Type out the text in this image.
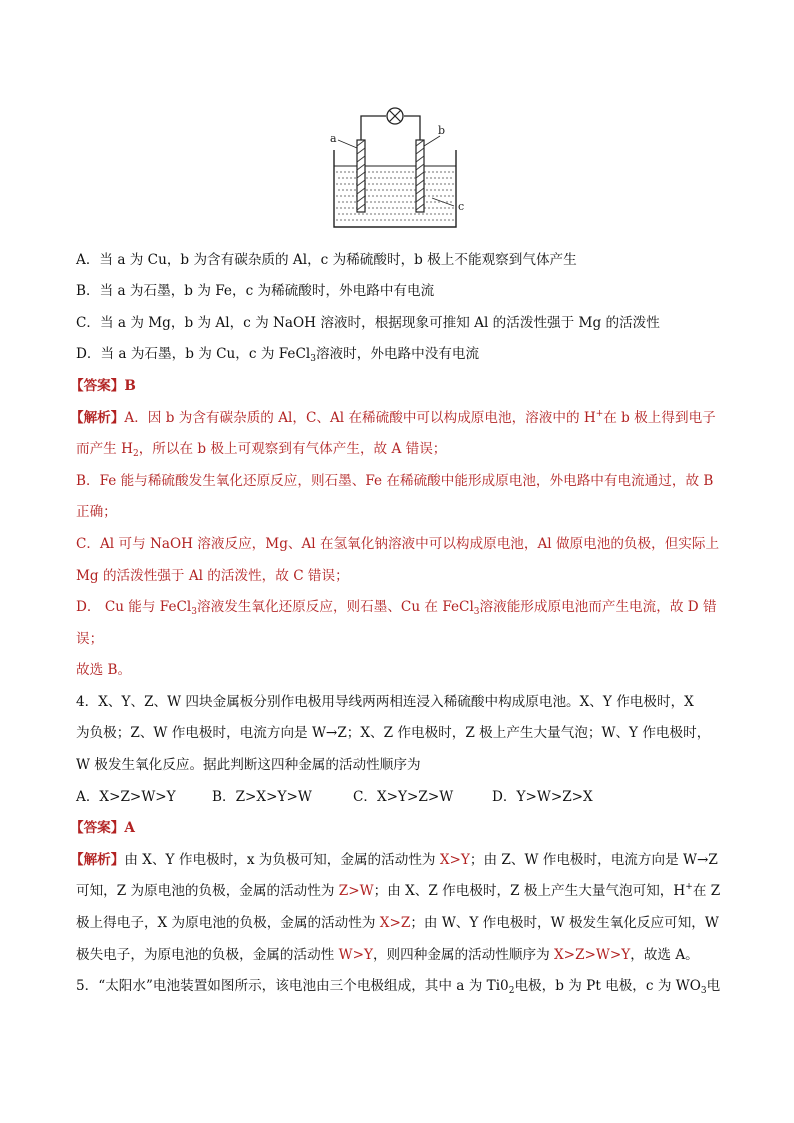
a
b
c
A．当 a 为 Cu，b 为含有碳杂质的 Al，c 为稀硫酸时，b 极上不能观察到气体产生
B．当 a 为石墨，b 为 Fe，c 为稀硫酸时，外电路中有电流
C．当 a 为 Mg，b 为 Al，c 为 NaOH 溶液时，根据现象可推知 Al 的活泼性强于 Mg 的活泼性
D．当 a 为石墨，b 为 Cu，c 为 FeCl$_3$溶液时，外电路中没有电流
【答案】B
【解析】A．因 b 为含有碳杂质的 Al，C、Al 在稀硫酸中可以构成原电池，溶液中的 H+在 b 极上得到电子
而产生 $H_2$，所以在 b 极上可观察到有气体产生，故 A 错误；
B．Fe 能与稀硫酸发生氧化还原反应，则石墨、Fe 在稀硫酸中能形成原电池，外电路中有电流通过，故 B
正确；
C．Al 可与 NaOH 溶液反应，Mg、Al 在氢氧化钠溶液中可以构成原电池，Al 做原电池的负极，但实际上
Mg 的活泼性强于 Al 的活泼性，故 C 错误；
D． Cu 能与 FeCl$_3$溶液发生氧化还原反应，则石墨、Cu 在 FeCl$_3$溶液能形成原电池而产生电流，故 D 错
误；
故选 B。
4．X、Y、Z、W 四块金属板分别作电极用导线两两相连浸入稀硫酸中构成原电池。X、Y 作电极时，X
为负极；Z、W 作电极时，电流方向是 W→Z；X、Z 作电极时，Z 极上产生大量气泡；W、Y 作电极时，
W 极发生氧化反应。据此判断这四种金属的活动性顺序为
A．X>Z>W>Y	B．Z>X>Y>W	C．X>Y>Z>W	D．Y>W>Z>X
【答案】A
【解析】由 X、Y 作电极时，x 为负极可知，金属的活动性为 X>Y；由 Z、W 作电极时，电流方向是 W→Z
可知，Z 为原电池的负极，金属的活动性为 Z>W；由 X、Z 作电极时，Z 极上产生大量气泡可知，H+在 Z
极上得电子，X 为原电池的负极，金属的活动性为 X>Z；由 W、Y 作电极时，W 极发生氧化反应可知，W
极失电子，为原电池的负极，金属的活动性 W>Y，则四种金属的活动性顺序为 X>Z>W>Y，故选 A。
5．“太阳水”电池装置如图所示，该电池由三个电极组成，其中 a 为 $Ti0_2$电极，b 为 Pt 电极，c 为 $WO_3$电
